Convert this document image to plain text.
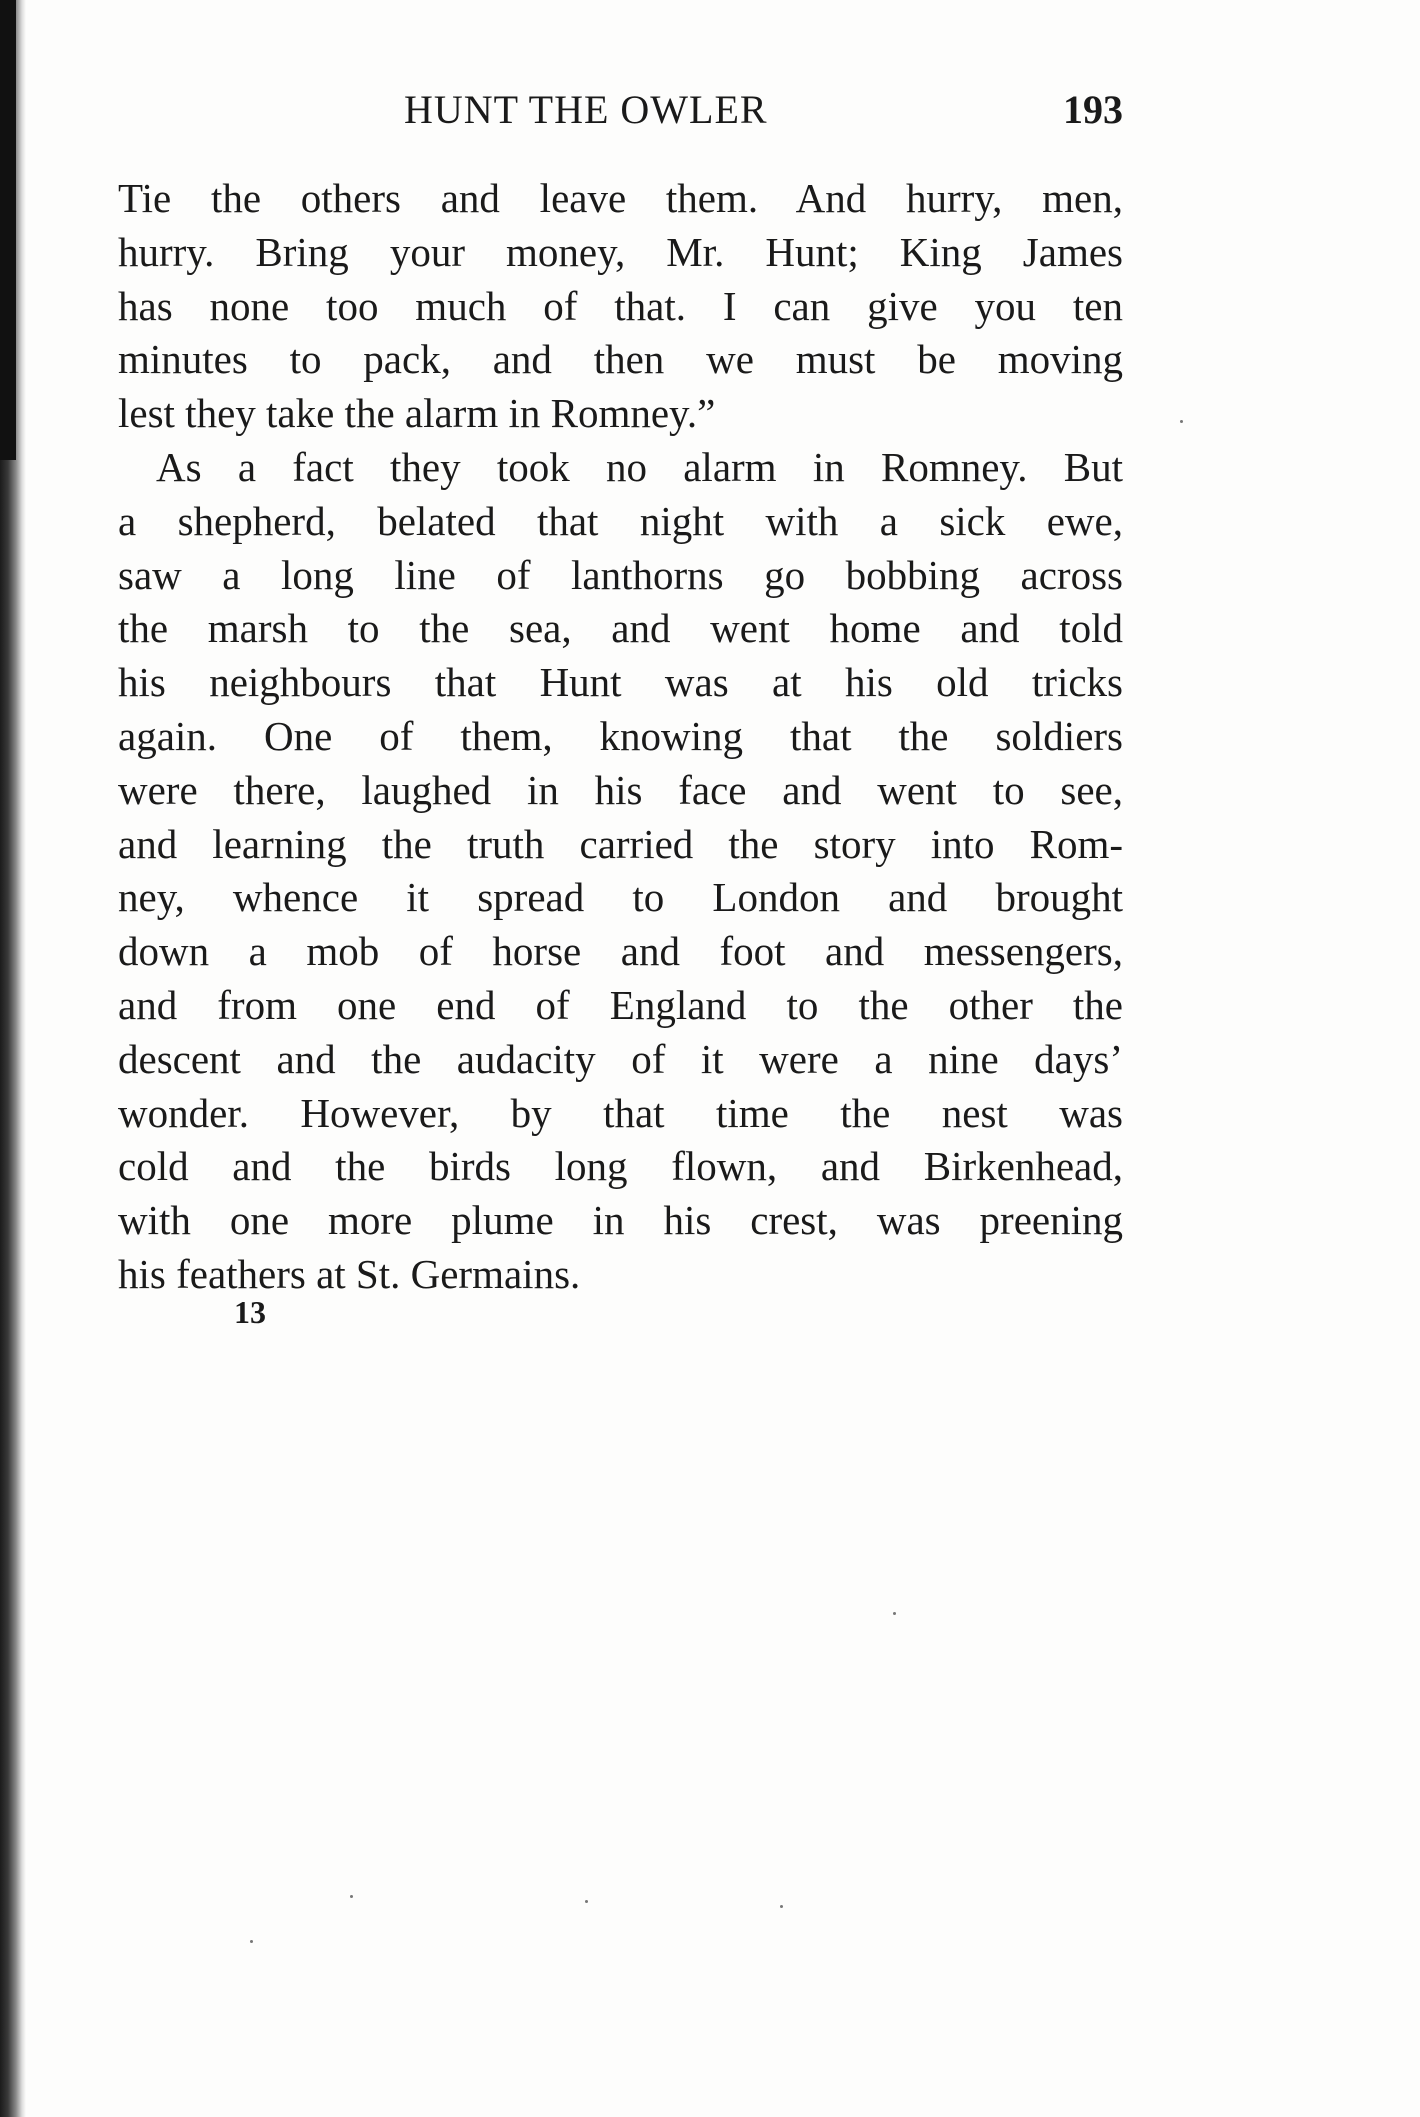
HUNT THE OWLER	193

Tie the others and leave them. And hurry, men,
hurry. Bring your money, Mr. Hunt; King James
has none too much of that. I can give you ten
minutes to pack, and then we must be moving
lest they take the alarm in Romney.”

As a fact they took no alarm in Romney. But
a shepherd, belated that night with a sick ewe,
saw a long line of lanthorns go bobbing across
the marsh to the sea, and went home and told
his neighbours that Hunt was at his old tricks
again. One of them, knowing that the soldiers
were there, laughed in his face and went to see,
and learning the truth carried the story into Rom-
ney, whence it spread to London and brought
down a mob of horse and foot and messengers,
and from one end of England to the other the
descent and the audacity of it were a nine days’
wonder. However, by that time the nest was
cold and the birds long flown, and Birkenhead,
with one more plume in his crest, was preening
his feathers at St. Germains.

13
